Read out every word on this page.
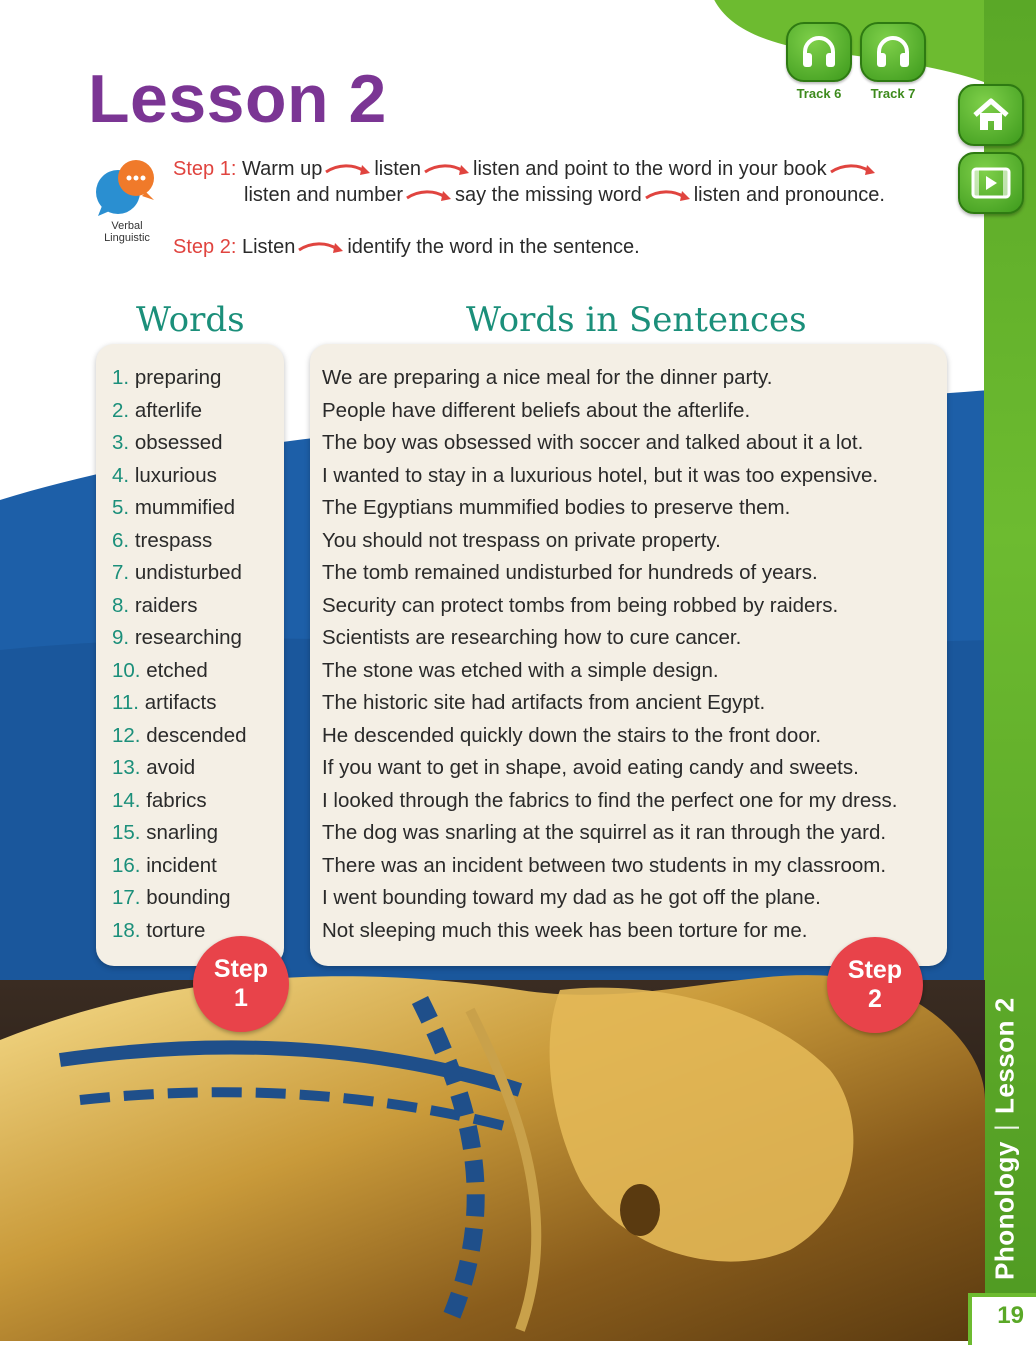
Lesson 2	Track 6	Track 7
Verbal
Linguistic
Step 1:
Warm up	listen	listen and point to the word in your book
listen and number	say the missing word	listen and pronounce.
Step 2:
Listen	identify the word in the sentence.
Words	Words in Sentences
1. preparing
2. afterlife
3. obsessed
4. luxurious
5. mummified
6. trespass
7. undisturbed
8. raiders
9. researching
10. etched
11. artifacts
12. descended
13. avoid
14. fabrics
15. snarling
16. incident
17. bounding
18. torture
We are preparing a nice meal for the dinner party.
People have different beliefs about the afterlife.
The boy was obsessed with soccer and talked about it a lot.
I wanted to stay in a luxurious hotel, but it was too expensive.
The Egyptians mummified bodies to preserve them.
You should not trespass on private property.
The tomb remained undisturbed for hundreds of years.
Security can protect tombs from being robbed by raiders.
Scientists are researching how to cure cancer.
The stone was etched with a simple design.
The historic site had artifacts from ancient Egypt.
He descended quickly down the stairs to the front door.
If you want to get in shape, avoid eating candy and sweets.
I looked through the fabrics to find the perfect one for my dress.
The dog was snarling at the squirrel as it ran through the yard.
There was an incident between two students in my classroom.
I went bounding toward my dad as he got off the plane.
Not sleeping much this week has been torture for me.
Step
1
Step
2
Phonology
|
Lesson 2
19
